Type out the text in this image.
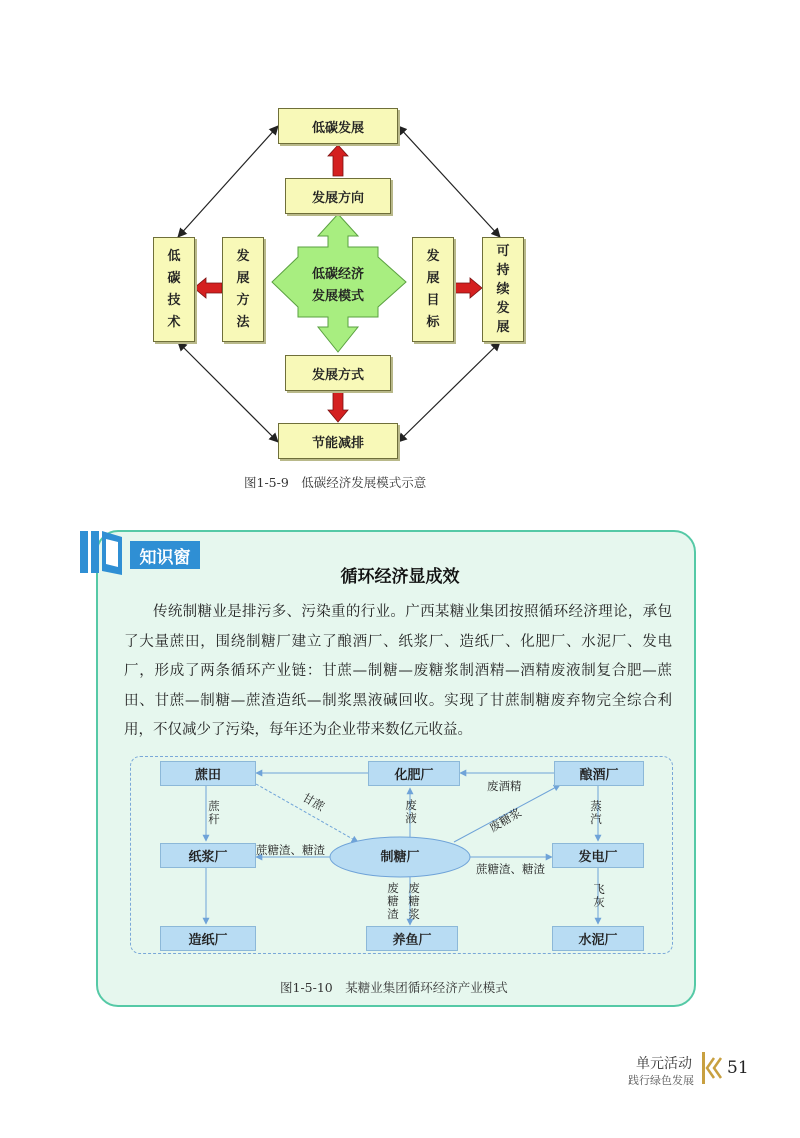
低碳发展
发展方向
发展方式
节能减排
低
碳
技
术
发
展
方
法
发
展
目
标
可
持
续
发
展
低碳经济
发展模式
图1-5-9　低碳经济发展模式示意
知识窗
循环经济显成效

传统制糖业是排污多、污染重的行业。广西某糖业集团按照循环经济理论，承包了大量蔗田，围绕制糖厂建立了酿酒厂、纸浆厂、造纸厂、化肥厂、水泥厂、发电厂，形成了两条循环产业链：甘蔗—制糖—废糖浆制酒精—酒精废液制复合肥—蔗田、甘蔗—制糖—蔗渣造纸—制浆黑液碱回收。实现了甘蔗制糖废弃物完全综合利用，不仅减少了污染，每年还为企业带来数亿元收益。

蔗田	化肥厂	酿酒厂
纸浆厂	制糖厂	发电厂
造纸厂	养鱼厂	水泥厂
废酒精
甘蔗
废糖浆
废
液
蔗
秆
蒸
汽
蔗糖渣、糖渣
蔗糖渣、糖渣
废
糖
渣
废
糖
浆
飞
灰
图1-5-10　某糖业集团循环经济产业模式
单元活动
践行绿色发展
51
